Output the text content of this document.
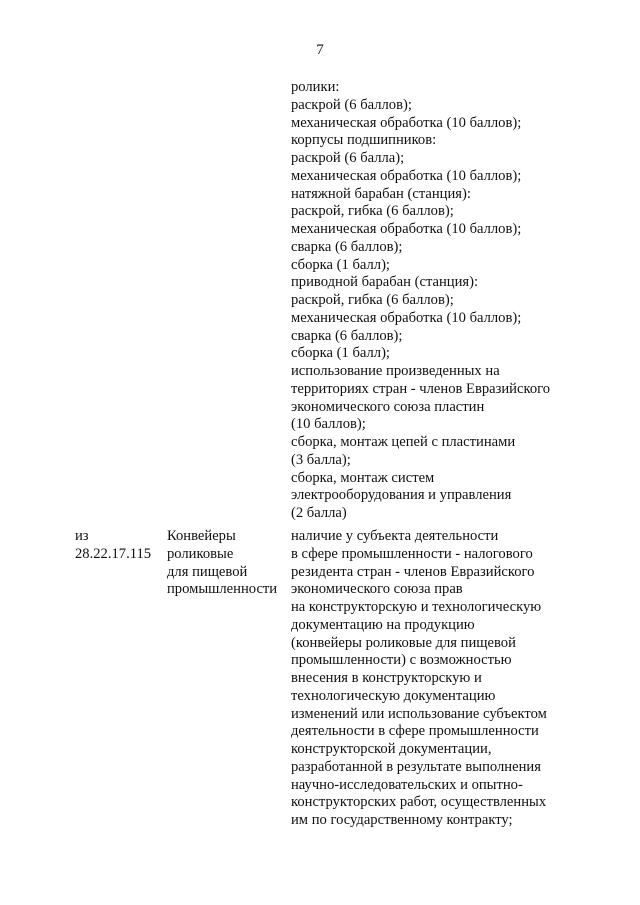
7
ролики:
раскрой (6 баллов);
механическая обработка (10 баллов);
корпусы подшипников:
раскрой (6 балла);
механическая обработка (10 баллов);
натяжной барабан (станция):
раскрой, гибка (6 баллов);
механическая обработка (10 баллов);
сварка (6 баллов);
сборка (1 балл);
приводной барабан (станция):
раскрой, гибка (6 баллов);
механическая обработка (10 баллов);
сварка (6 баллов);
сборка (1 балл);
использование произведенных на
территориях стран - членов Евразийского
экономического союза пластин
(10 баллов);
сборка, монтаж цепей с пластинами
(3 балла);
сборка, монтаж систем
электрооборудования и управления
(2 балла)
из
28.22.17.115
Конвейеры
роликовые
для пищевой
промышленности
наличие у субъекта деятельности
в сфере промышленности - налогового
резидента стран - членов Евразийского
экономического союза прав
на конструкторскую и технологическую
документацию на продукцию
(конвейеры роликовые для пищевой
промышленности) с возможностью
внесения в конструкторскую и
технологическую документацию
изменений или использование субъектом
деятельности в сфере промышленности
конструкторской документации,
разработанной в результате выполнения
научно-исследовательских и опытно-
конструкторских работ, осуществленных
им по государственному контракту;
